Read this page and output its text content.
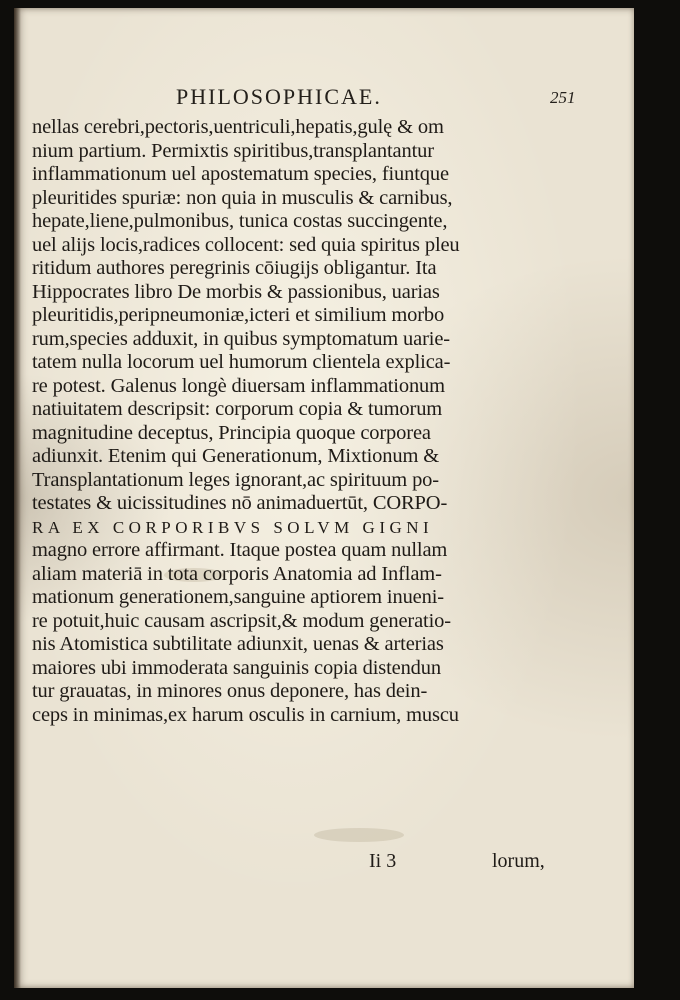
PHILOSOPHICAE.	251
nellas cerebri,pectoris,uentriculi,hepatis,gulę & om
nium partium. Permixtis spiritibus,transplantantur
inflammationum uel apostematum species, fiuntque
pleuritides spuriæ: non quia in musculis & carnibus,
hepate,liene,pulmonibus, tunica costas succingente,
uel alijs locis,radices collocent: sed quia spiritus pleu
ritidum authores peregrinis cōiugijs obligantur. Ita
Hippocrates libro De morbis & passionibus, uarias
pleuritidis,peripneumoniæ,icteri et similium morbo
rum,species adduxit, in quibus symptomatum uarie-
tatem nulla locorum uel humorum clientela explica-
re potest. Galenus longè diuersam inflammationum
natiuitatem descripsit: corporum copia & tumorum
magnitudine deceptus, Principia quoque corporea
adiunxit. Etenim qui Generationum, Mixtionum &
Transplantationum leges ignorant,ac spirituum po-
testates & uicissitudines nō animaduertūt, CORPO-
RA EX CORPORIBVS SOLVM GIGNI
magno errore affirmant. Itaque postea quam nullam
aliam materiā in tota corporis Anatomia ad Inflam-
mationum generationem,sanguine aptiorem inueni-
re potuit,huic causam ascripsit,& modum generatio-
nis Atomistica subtilitate adiunxit, uenas & arterias
maiores ubi immoderata sanguinis copia distendun
tur grauatas, in minores onus deponere, has dein-
ceps in minimas,ex harum osculis in carnium, muscu
Ii 3	lorum,
